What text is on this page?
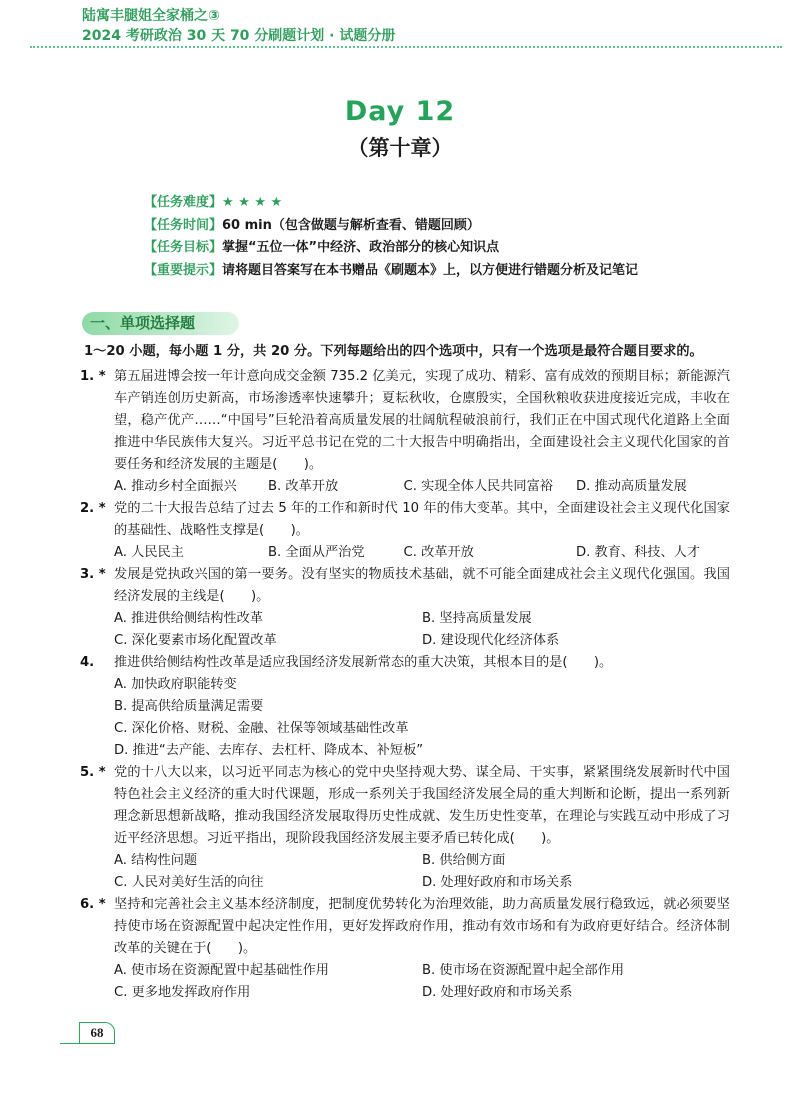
陆寓丰腿姐全家桶之③
2024 考研政治 30 天 70 分刷题计划 · 试题分册
Day 12
（第十章）
【任务难度】★ ★ ★ ★
【任务时间】60 min（包含做题与解析查看、错题回顾）
【任务目标】掌握“五位一体”中经济、政治部分的核心知识点
【重要提示】请将题目答案写在本书赠品《刷题本》上，以方便进行错题分析及记笔记
一、单项选择题
1～20 小题，每小题 1 分，共 20 分。下列每题给出的四个选项中，只有一个选项是最符合题目要求的。
1. * 第五届进博会按一年计意向成交金额 735.2 亿美元，实现了成功、精彩、富有成效的预期目标；新能源汽车产销连创历史新高，市场渗透率快速攀升；夏耘秋收，仓廪殷实，全国秋粮收获进度接近完成，丰收在望，稳产优产……“中国号”巨轮沿着高质量发展的壮阔航程破浪前行，我们正在中国式现代化道路上全面推进中华民族伟大复兴。习近平总书记在党的二十大报告中明确指出，全面建设社会主义现代化国家的首要任务和经济发展的主题是(　　)。
A. 推动乡村全面振兴	B. 改革开放	C. 实现全体人民共同富裕	D. 推动高质量发展
2. * 党的二十大报告总结了过去 5 年的工作和新时代 10 年的伟大变革。其中，全面建设社会主义现代化国家的基础性、战略性支撑是(　　)。
A. 人民民主	B. 全面从严治党	C. 改革开放	D. 教育、科技、人才
3. * 发展是党执政兴国的第一要务。没有坚实的物质技术基础，就不可能全面建成社会主义现代化强国。我国经济发展的主线是(　　)。
A. 推进供给侧结构性改革	B. 坚持高质量发展
C. 深化要素市场化配置改革	D. 建设现代化经济体系
4.	推进供给侧结构性改革是适应我国经济发展新常态的重大决策，其根本目的是(　　)。
A. 加快政府职能转变
B. 提高供给质量满足需要
C. 深化价格、财税、金融、社保等领域基础性改革
D. 推进“去产能、去库存、去杠杆、降成本、补短板”
5. * 党的十八大以来，以习近平同志为核心的党中央坚持观大势、谋全局、干实事，紧紧围绕发展新时代中国特色社会主义经济的重大时代课题，形成一系列关于我国经济发展全局的重大判断和论断，提出一系列新理念新思想新战略，推动我国经济发展取得历史性成就、发生历史性变革，在理论与实践互动中形成了习近平经济思想。习近平指出，现阶段我国经济发展主要矛盾已转化成(　　)。
A. 结构性问题	B. 供给侧方面
C. 人民对美好生活的向往	D. 处理好政府和市场关系
6. * 坚持和完善社会主义基本经济制度，把制度优势转化为治理效能，助力高质量发展行稳致远，就必须要坚持使市场在资源配置中起决定性作用，更好发挥政府作用，推动有效市场和有为政府更好结合。经济体制改革的关键在于(　　)。
A. 使市场在资源配置中起基础性作用	B. 使市场在资源配置中起全部作用
C. 更多地发挥政府作用	D. 处理好政府和市场关系
68
